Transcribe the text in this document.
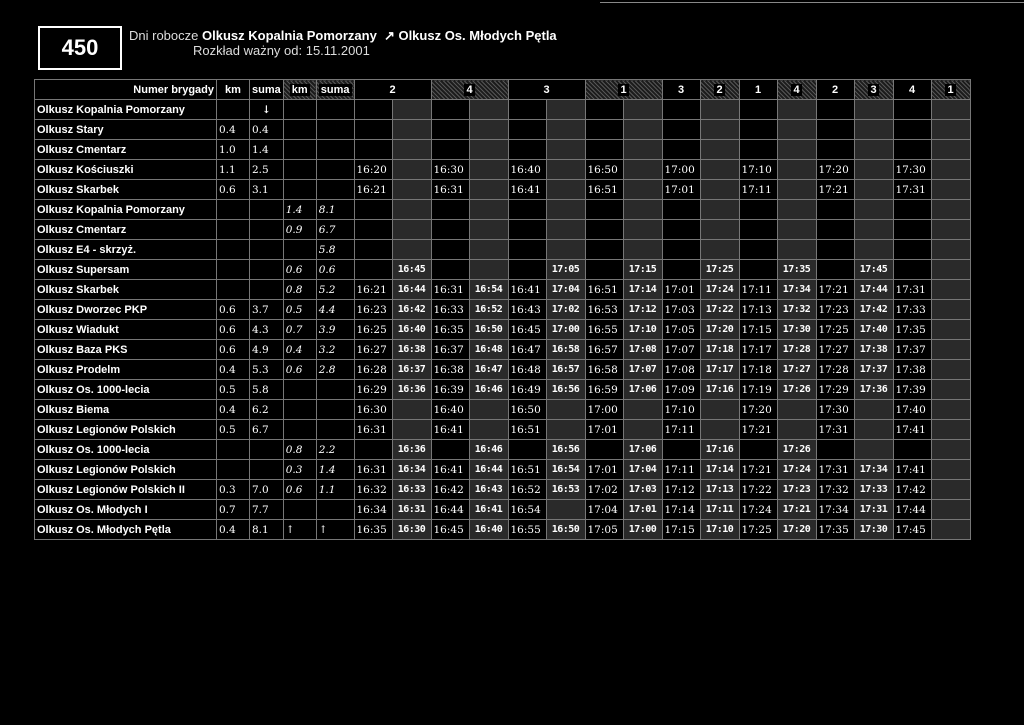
450	Dni robocze Olkusz Kopalnia Pomorzany ↗ Olkusz Os. Młodych Pętla
Rozkład ważny od: 15.11.2001
Numer brygady	km	suma	km	suma	2		4		3		1		3	2	1	4	2	3	4	1
Olkusz Kopalnia Pomorzany		↓																		
Olkusz Stary	0.4	0.4																		
Olkusz Cmentarz	1.0	1.4																		
Olkusz Kościuszki	1.1	2.5			16:20		16:30		16:40		16:50		17:00		17:10		17:20		17:30	
Olkusz Skarbek	0.6	3.1			16:21		16:31		16:41		16:51		17:01		17:11		17:21		17:31	
Olkusz Kopalnia Pomorzany			1.4	8.1																
Olkusz Cmentarz			0.9	6.7																
Olkusz E4 - skrzyż.				5.8																
Olkusz Supersam			0.6	0.6		16:45				17:05		17:15		17:25		17:35		17:45		
Olkusz Skarbek			0.8	5.2	16:21	16:44	16:31	16:54	16:41	17:04	16:51	17:14	17:01	17:24	17:11	17:34	17:21	17:44	17:31	
Olkusz Dworzec PKP	0.6	3.7	0.5	4.4	16:23	16:42	16:33	16:52	16:43	17:02	16:53	17:12	17:03	17:22	17:13	17:32	17:23	17:42	17:33	
Olkusz Wiadukt	0.6	4.3	0.7	3.9	16:25	16:40	16:35	16:50	16:45	17:00	16:55	17:10	17:05	17:20	17:15	17:30	17:25	17:40	17:35	
Olkusz Baza PKS	0.6	4.9	0.4	3.2	16:27	16:38	16:37	16:48	16:47	16:58	16:57	17:08	17:07	17:18	17:17	17:28	17:27	17:38	17:37	
Olkusz Prodelm	0.4	5.3	0.6	2.8	16:28	16:37	16:38	16:47	16:48	16:57	16:58	17:07	17:08	17:17	17:18	17:27	17:28	17:37	17:38	
Olkusz Os. 1000-lecia	0.5	5.8			16:29	16:36	16:39	16:46	16:49	16:56	16:59	17:06	17:09	17:16	17:19	17:26	17:29	17:36	17:39	
Olkusz Biema	0.4	6.2			16:30		16:40		16:50		17:00		17:10		17:20		17:30		17:40	
Olkusz Legionów Polskich	0.5	6.7			16:31		16:41		16:51		17:01		17:11		17:21		17:31		17:41	
Olkusz Os. 1000-lecia			0.8	2.2		16:36		16:46		16:56		17:06		17:16		17:26				
Olkusz Legionów Polskich			0.3	1.4	16:31	16:34	16:41	16:44	16:51	16:54	17:01	17:04	17:11	17:14	17:21	17:24	17:31	17:34	17:41	
Olkusz Legionów Polskich II	0.3	7.0	0.6	1.1	16:32	16:33	16:42	16:43	16:52	16:53	17:02	17:03	17:12	17:13	17:22	17:23	17:32	17:33	17:42	
Olkusz Os. Młodych I	0.7	7.7			16:34	16:31	16:44	16:41	16:54		17:04	17:01	17:14	17:11	17:24	17:21	17:34	17:31	17:44	
Olkusz Os. Młodych Pętla	0.4	8.1	↑	↑	16:35	16:30	16:45	16:40	16:55	16:50	17:05	17:00	17:15	17:10	17:25	17:20	17:35	17:30	17:45	
